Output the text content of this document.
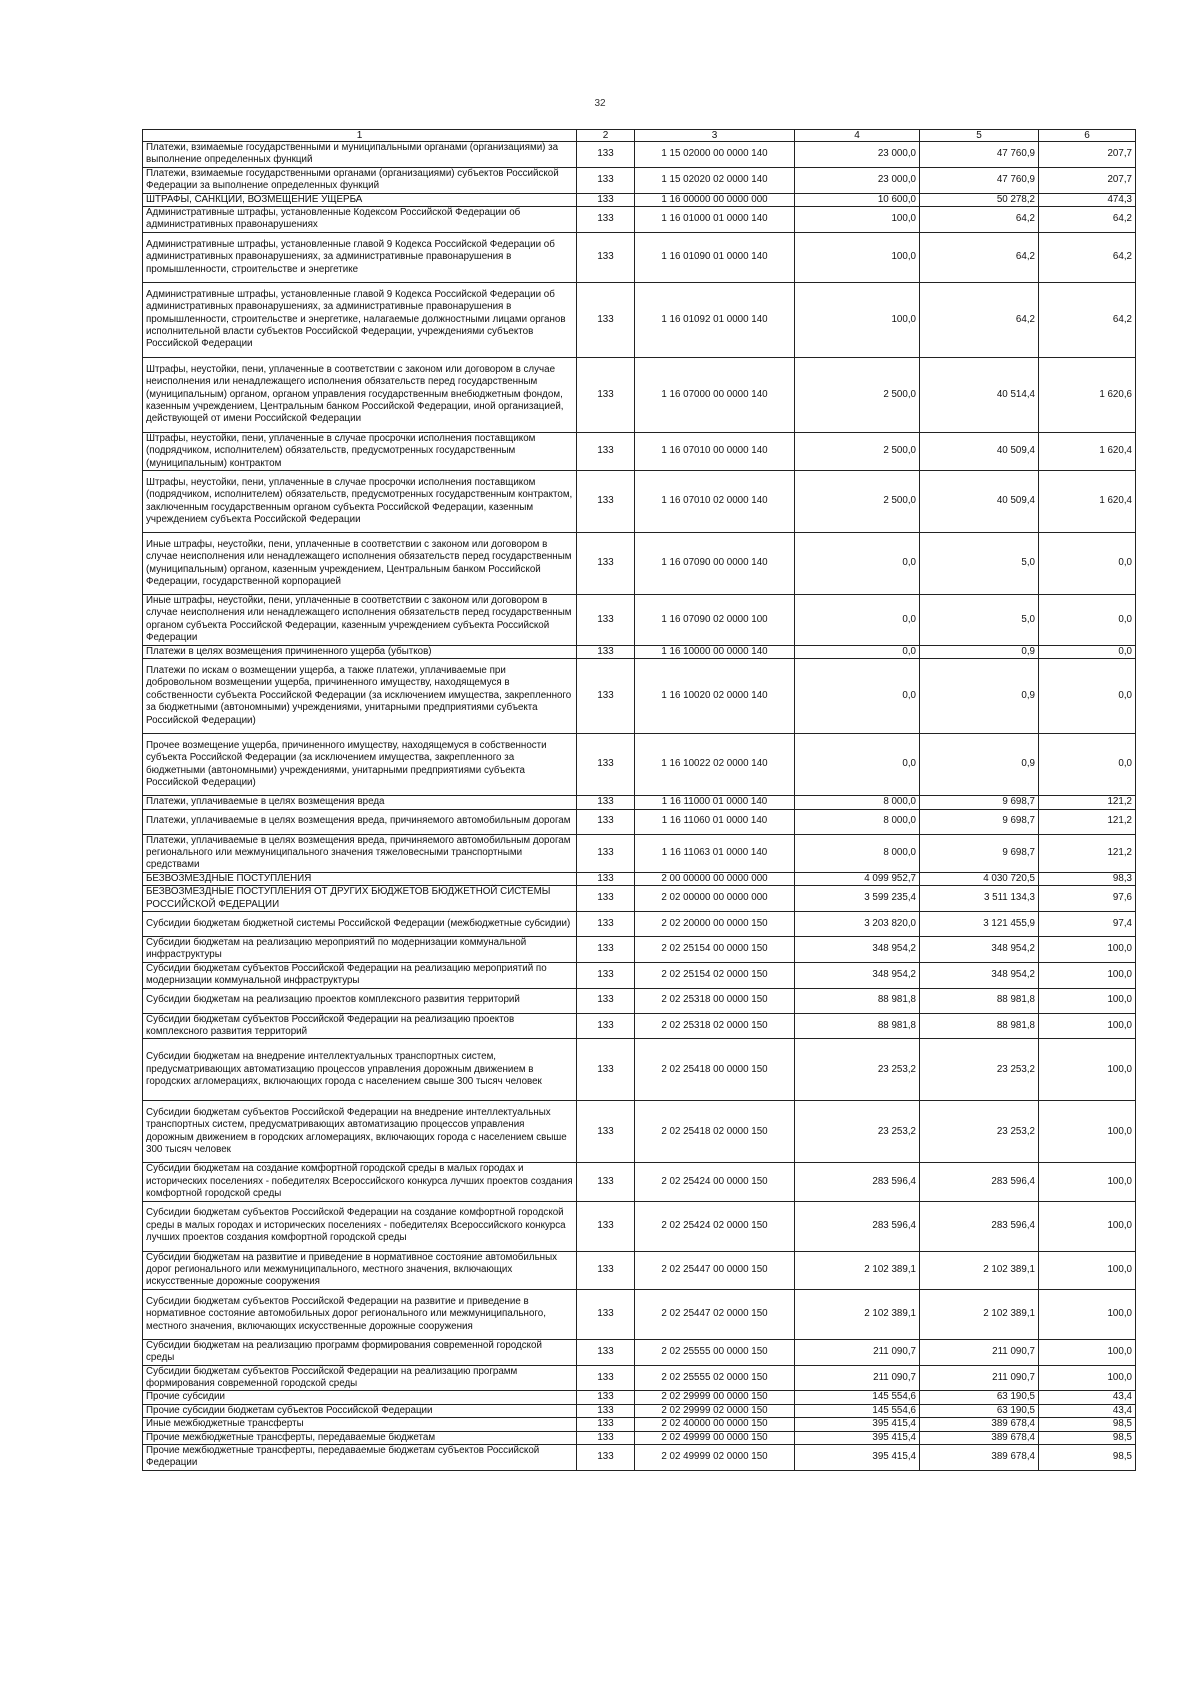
32
1	2	3	4	5	6
Платежи, взимаемые государственными и муниципальными органами (организациями) за выполнение определенных функций	133	1 15 02000 00 0000 140	23 000,0	47 760,9	207,7
Платежи, взимаемые государственными органами (организациями) субъектов Российской Федерации за выполнение определенных функций	133	1 15 02020 02 0000 140	23 000,0	47 760,9	207,7
ШТРАФЫ, САНКЦИИ, ВОЗМЕЩЕНИЕ УЩЕРБА	133	1 16 00000 00 0000 000	10 600,0	50 278,2	474,3
Административные штрафы, установленные Кодексом Российской Федерации об административных правонарушениях	133	1 16 01000 01 0000 140	100,0	64,2	64,2
Административные штрафы, установленные главой 9 Кодекса Российской Федерации об административных правонарушениях, за административные правонарушения в промышленности, строительстве и энергетике	133	1 16 01090 01 0000 140	100,0	64,2	64,2
Административные штрафы, установленные главой 9 Кодекса Российской Федерации об административных правонарушениях, за административные правонарушения в промышленности, строительстве и энергетике, налагаемые должностными лицами органов исполнительной власти субъектов Российской Федерации, учреждениями субъектов Российской Федерации	133	1 16 01092 01 0000 140	100,0	64,2	64,2
Штрафы, неустойки, пени, уплаченные в соответствии с законом или договором в случае неисполнения или ненадлежащего исполнения обязательств перед государственным (муниципальным) органом, органом управления государственным внебюджетным фондом, казенным учреждением, Центральным банком Российской Федерации, иной организацией, действующей от имени Российской Федерации	133	1 16 07000 00 0000 140	2 500,0	40 514,4	1 620,6
Штрафы, неустойки, пени, уплаченные в случае просрочки исполнения поставщиком (подрядчиком, исполнителем) обязательств, предусмотренных государственным (муниципальным) контрактом	133	1 16 07010 00 0000 140	2 500,0	40 509,4	1 620,4
Штрафы, неустойки, пени, уплаченные в случае просрочки исполнения поставщиком (подрядчиком, исполнителем) обязательств, предусмотренных государственным контрактом, заключенным государственным органом субъекта Российской Федерации, казенным учреждением субъекта Российской Федерации	133	1 16 07010 02 0000 140	2 500,0	40 509,4	1 620,4
Иные штрафы, неустойки, пени, уплаченные в соответствии с законом или договором в случае неисполнения или ненадлежащего исполнения обязательств перед государственным (муниципальным) органом, казенным учреждением, Центральным банком Российской Федерации, государственной корпорацией	133	1 16 07090 00 0000 140	0,0	5,0	0,0
Иные штрафы, неустойки, пени, уплаченные в соответствии с законом или договором в случае неисполнения или ненадлежащего исполнения обязательств перед государственным органом субъекта Российской Федерации, казенным учреждением субъекта Российской Федерации	133	1 16 07090 02 0000 100	0,0	5,0	0,0
Платежи в целях возмещения причиненного ущерба (убытков)	133	1 16 10000 00 0000 140	0,0	0,9	0,0
Платежи по искам о возмещении ущерба, а также платежи, уплачиваемые при добровольном возмещении ущерба, причиненного имуществу, находящемуся в собственности субъекта Российской Федерации (за исключением имущества, закрепленного за бюджетными (автономными) учреждениями, унитарными предприятиями субъекта Российской Федерации)	133	1 16 10020 02 0000 140	0,0	0,9	0,0
Прочее возмещение ущерба, причиненного имуществу, находящемуся в собственности субъекта Российской Федерации (за исключением имущества, закрепленного за бюджетными (автономными) учреждениями, унитарными предприятиями субъекта Российской Федерации)	133	1 16 10022 02 0000 140	0,0	0,9	0,0
Платежи, уплачиваемые в целях возмещения вреда	133	1 16 11000 01 0000 140	8 000,0	9 698,7	121,2
Платежи, уплачиваемые в целях возмещения вреда, причиняемого автомобильным дорогам	133	1 16 11060 01 0000 140	8 000,0	9 698,7	121,2
Платежи, уплачиваемые в целях возмещения вреда, причиняемого автомобильным дорогам регионального или межмуниципального значения тяжеловесными транспортными средствами	133	1 16 11063 01 0000 140	8 000,0	9 698,7	121,2
БЕЗВОЗМЕЗДНЫЕ ПОСТУПЛЕНИЯ	133	2 00 00000 00 0000 000	4 099 952,7	4 030 720,5	98,3
БЕЗВОЗМЕЗДНЫЕ ПОСТУПЛЕНИЯ ОТ ДРУГИХ БЮДЖЕТОВ БЮДЖЕТНОЙ СИСТЕМЫ РОССИЙСКОЙ ФЕДЕРАЦИИ	133	2 02 00000 00 0000 000	3 599 235,4	3 511 134,3	97,6
Субсидии бюджетам бюджетной системы Российской Федерации (межбюджетные субсидии)	133	2 02 20000 00 0000 150	3 203 820,0	3 121 455,9	97,4
Субсидии бюджетам на реализацию мероприятий по модернизации коммунальной инфраструктуры	133	2 02 25154 00 0000 150	348 954,2	348 954,2	100,0
Субсидии бюджетам субъектов Российской Федерации на реализацию мероприятий по модернизации коммунальной инфраструктуры	133	2 02 25154 02 0000 150	348 954,2	348 954,2	100,0
Субсидии бюджетам на реализацию проектов комплексного развития территорий	133	2 02 25318 00 0000 150	88 981,8	88 981,8	100,0
Субсидии бюджетам субъектов Российской Федерации на реализацию проектов комплексного развития территорий	133	2 02 25318 02 0000 150	88 981,8	88 981,8	100,0
Субсидии бюджетам на внедрение интеллектуальных транспортных систем, предусматривающих автоматизацию процессов управления дорожным движением в городских агломерациях, включающих города с населением свыше 300 тысяч человек	133	2 02 25418 00 0000 150	23 253,2	23 253,2	100,0
Субсидии бюджетам субъектов Российской Федерации на внедрение интеллектуальных транспортных систем, предусматривающих автоматизацию процессов управления дорожным движением в городских агломерациях, включающих города с населением свыше 300 тысяч человек	133	2 02 25418 02 0000 150	23 253,2	23 253,2	100,0
Субсидии бюджетам на создание комфортной городской среды в малых городах и исторических поселениях - победителях Всероссийского конкурса лучших проектов создания комфортной городской среды	133	2 02 25424 00 0000 150	283 596,4	283 596,4	100,0
Субсидии бюджетам субъектов Российской Федерации на создание комфортной городской среды в малых городах и исторических поселениях - победителях Всероссийского конкурса лучших проектов создания комфортной городской среды	133	2 02 25424 02 0000 150	283 596,4	283 596,4	100,0
Субсидии бюджетам на развитие и приведение в нормативное состояние автомобильных дорог регионального или межмуниципального, местного значения, включающих искусственные дорожные сооружения	133	2 02 25447 00 0000 150	2 102 389,1	2 102 389,1	100,0
Субсидии бюджетам субъектов Российской Федерации на развитие и приведение в нормативное состояние автомобильных дорог регионального или межмуниципального, местного значения, включающих искусственные дорожные сооружения	133	2 02 25447 02 0000 150	2 102 389,1	2 102 389,1	100,0
Субсидии бюджетам на реализацию программ формирования современной городской среды	133	2 02 25555 00 0000 150	211 090,7	211 090,7	100,0
Субсидии бюджетам субъектов Российской Федерации на реализацию программ формирования современной городской среды	133	2 02 25555 02 0000 150	211 090,7	211 090,7	100,0
Прочие субсидии	133	2 02 29999 00 0000 150	145 554,6	63 190,5	43,4
Прочие субсидии бюджетам субъектов Российской Федерации	133	2 02 29999 02 0000 150	145 554,6	63 190,5	43,4
Иные межбюджетные трансферты	133	2 02 40000 00 0000 150	395 415,4	389 678,4	98,5
Прочие межбюджетные трансферты, передаваемые бюджетам	133	2 02 49999 00 0000 150	395 415,4	389 678,4	98,5
Прочие межбюджетные трансферты, передаваемые бюджетам субъектов Российской Федерации	133	2 02 49999 02 0000 150	395 415,4	389 678,4	98,5
